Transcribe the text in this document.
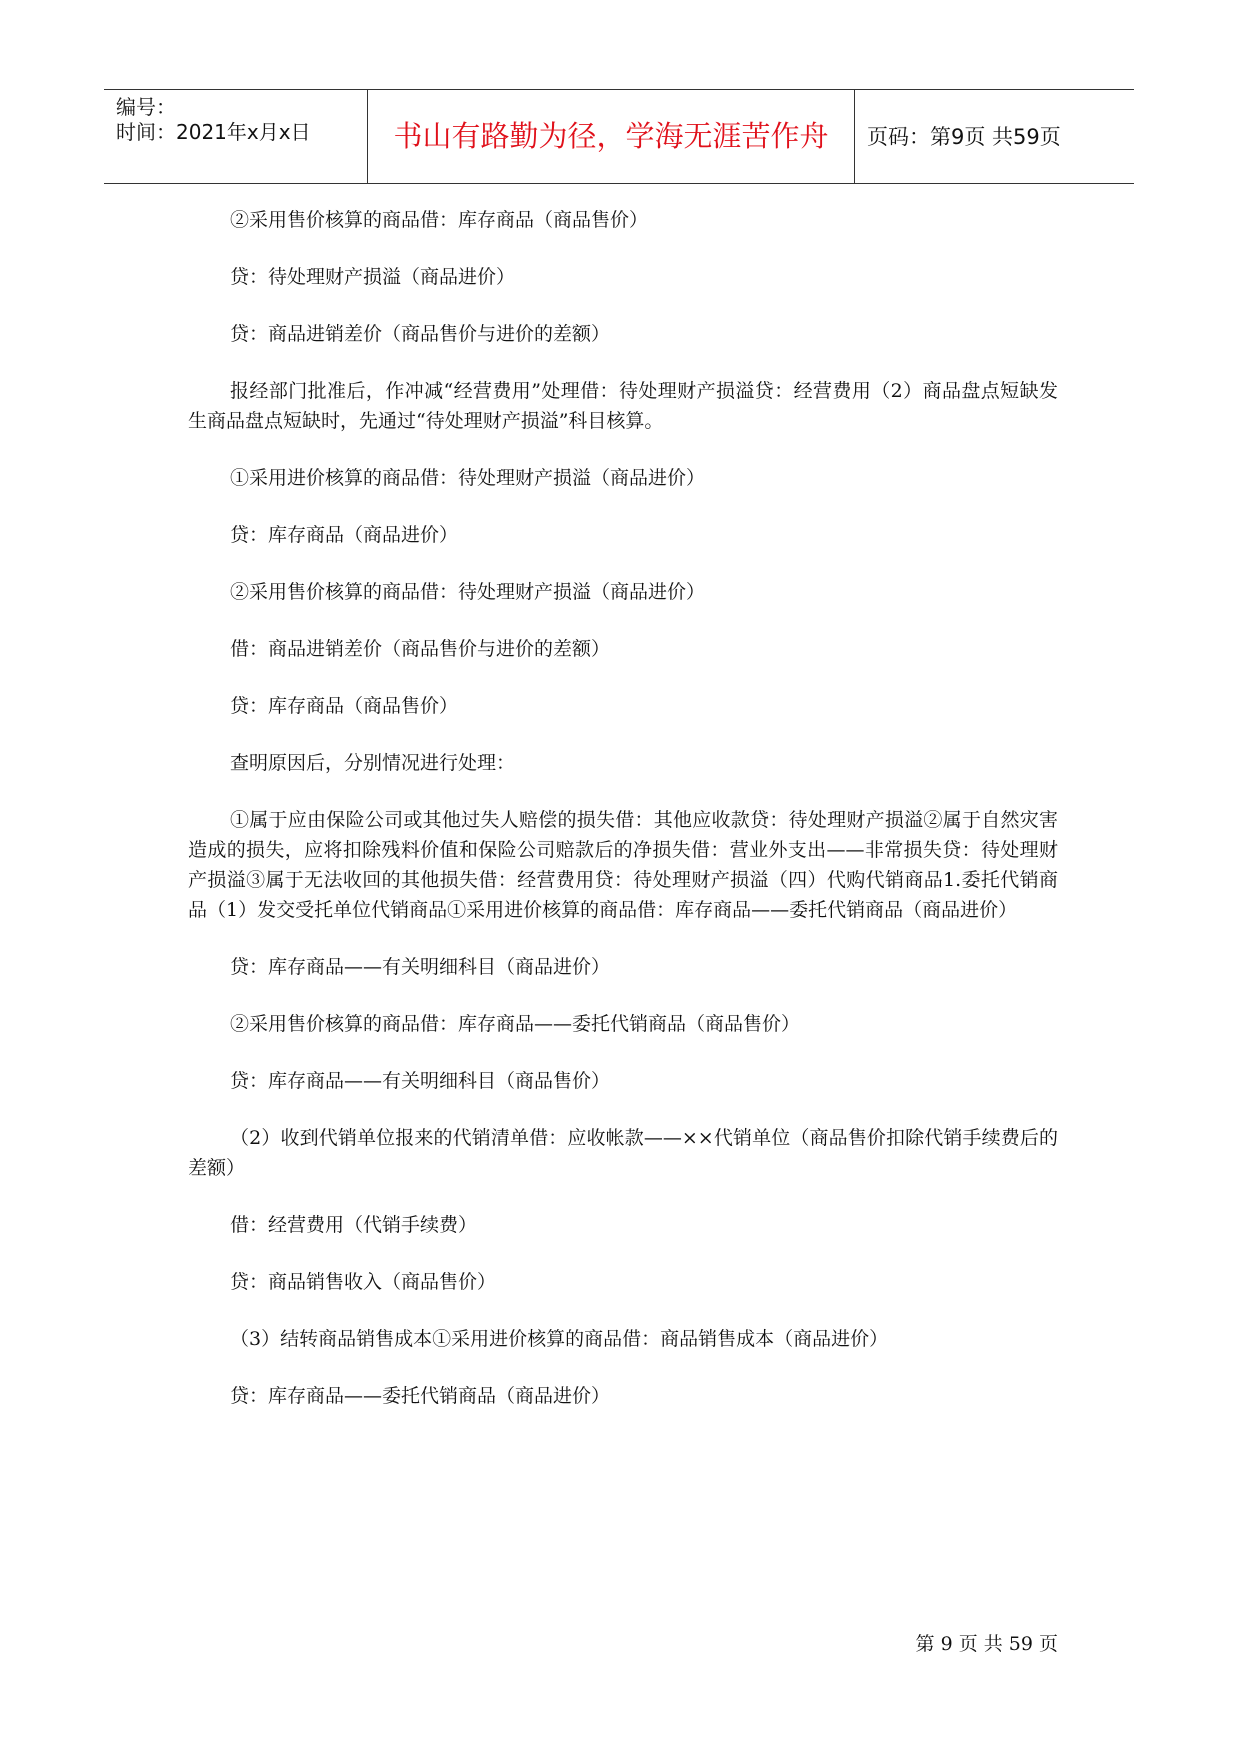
编号：
时间：2021年x月x日	书山有路勤为径，学海无涯苦作舟	页码：第9页 共59页

②采用售价核算的商品借：库存商品（商品售价）

贷：待处理财产损溢（商品进价）

贷：商品进销差价（商品售价与进价的差额）

报经部门批准后，作冲减“经营费用”处理借：待处理财产损溢贷：经营费用（2）商品盘点短缺发生商品盘点短缺时，先通过“待处理财产损溢”科目核算。

①采用进价核算的商品借：待处理财产损溢（商品进价）

贷：库存商品（商品进价）

②采用售价核算的商品借：待处理财产损溢（商品进价）

借：商品进销差价（商品售价与进价的差额）

贷：库存商品（商品售价）

查明原因后，分别情况进行处理：

①属于应由保险公司或其他过失人赔偿的损失借：其他应收款贷：待处理财产损溢②属于自然灾害造成的损失，应将扣除残料价值和保险公司赔款后的净损失借：营业外支出——非常损失贷：待处理财产损溢③属于无法收回的其他损失借：经营费用贷：待处理财产损溢（四）代购代销商品1.委托代销商品（1）发交受托单位代销商品①采用进价核算的商品借：库存商品——委托代销商品（商品进价）

贷：库存商品——有关明细科目（商品进价）

②采用售价核算的商品借：库存商品——委托代销商品（商品售价）

贷：库存商品——有关明细科目（商品售价）

（2）收到代销单位报来的代销清单借：应收帐款——××代销单位（商品售价扣除代销手续费后的差额）

借：经营费用（代销手续费）

贷：商品销售收入（商品售价）

（3）结转商品销售成本①采用进价核算的商品借：商品销售成本（商品进价）

贷：库存商品——委托代销商品（商品进价）

第 9 页 共 59 页
